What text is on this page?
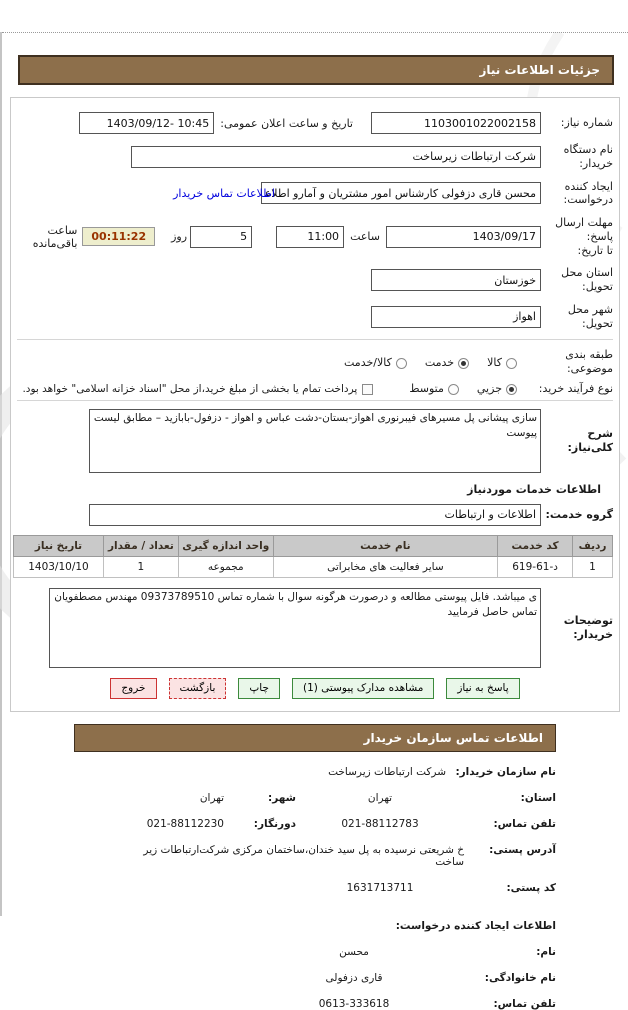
جزئیات اطلاعات نیاز
شماره نیاز:
1103001022002158
تاریخ و ساعت اعلان عمومی:
1403/09/12- 10:45
نام دستگاه خریدار:
شرکت ارتباطات زیرساخت
ایجاد کننده درخواست:
محسن قاری دزفولی کارشناس امور مشتریان و آمارو اطلاعات شرکت ارتباطات
اطلاعات تماس خریدار
مهلت ارسال پاسخ:
تا تاریخ:
1403/09/17
ساعت
11:00
5
روز
00:11:22
ساعت باقی‌مانده
استان محل تحویل:
خوزستان
شهر محل تحویل:
اهواز
طبقه بندی موضوعی:
کالا
خدمت
کالا/خدمت
نوع فرآیند خرید:
جزیي
متوسط
پرداخت تمام یا بخشی از مبلغ خرید،از محل "اسناد خزانه اسلامی" خواهد بود.
شرح کلی‌نیاز:
سازی پیشانی پل مسیرهای فیبرنوری اهواز-بستان-دشت عباس و اهواز - دزفول-بابازید – مطابق لیست پیوست
اطلاعات خدمات موردنیاز
گروه خدمت:
اطلاعات و ارتباطات
ردیف	کد خدمت	نام خدمت	واحد اندازه گیری	تعداد / مقدار	تاریخ نیاز
1	د-61-619	سایر فعالیت های مخابراتی	مجموعه	1	1403/10/10
توضیحات
خریدار:
ی میباشد. فایل پیوستی مطالعه و درصورت هرگونه سوال با شماره تماس 09373789510 مهندس مصطفویان تماس حاصل فرمایید
پاسخ به نیاز
مشاهده مدارک پیوستی (1)
چاپ
بازگشت
خروج
اطلاعات تماس سازمان خریدار
نام سازمان خریدار:
شرکت ارتباطات زیرساخت
استان:
تهران
شهر:
تهران
تلفن تماس:
021-88112783
دورنگار:
021-88112230
آدرس پستی:
خ شریعتی نرسیده به پل سید خندان،ساختمان مرکزی شرکت‌ارتباطات زیر ساخت
کد پستی:
1631713711
اطلاعات ایجاد کننده درخواست:
نام:
محسن
نام خانوادگی:
قاری دزفولی
تلفن تماس:
0613-333618
